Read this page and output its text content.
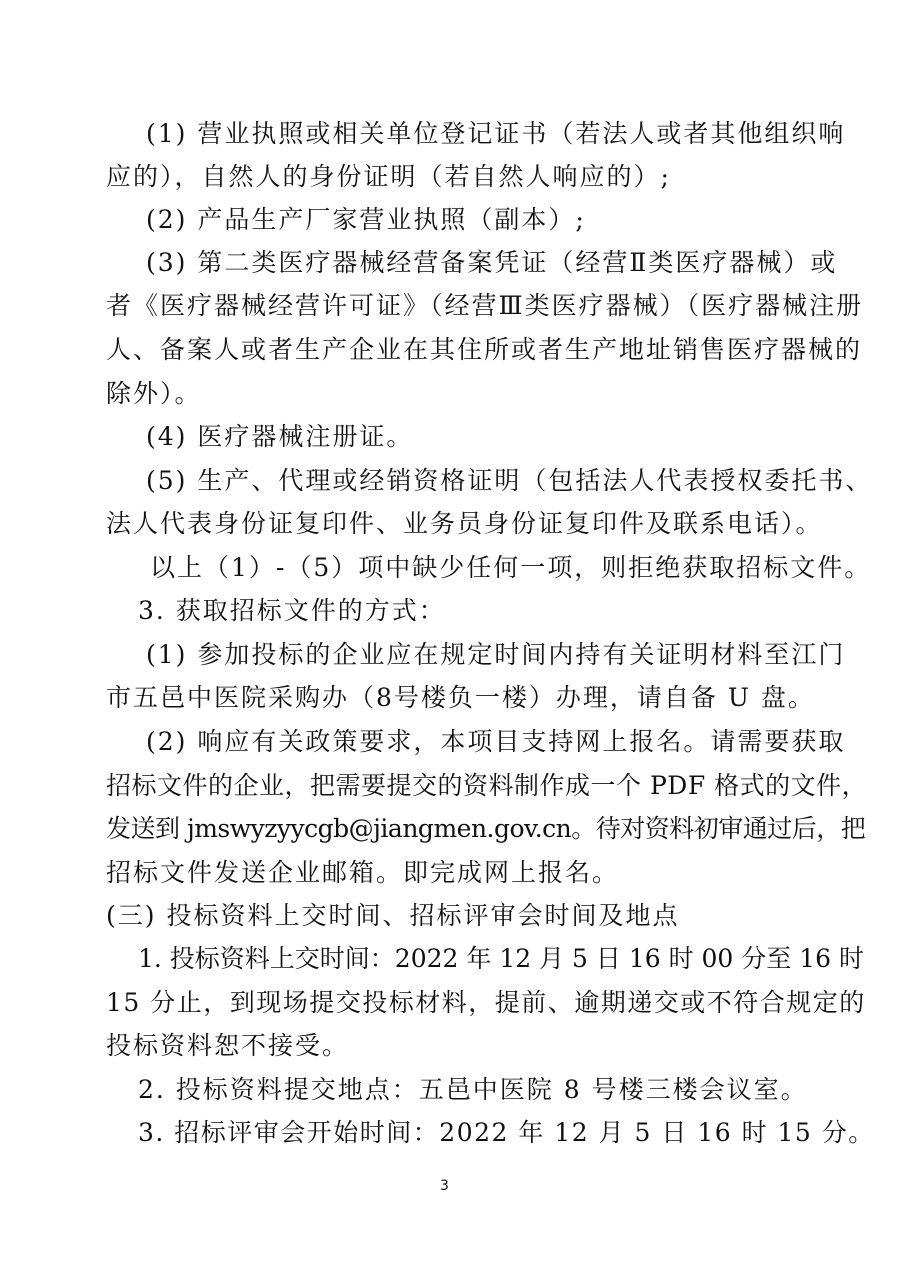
(1) 营业执照或相关单位登记证书（若法人或者其他组织响
应的），自然人的身份证明（若自然人响应的）;
(2) 产品生产厂家营业执照（副本）;
(3) 第二类医疗器械经营备案凭证（经营Ⅱ类医疗器械）或
者《医疗器械经营许可证》（经营Ⅲ类医疗器械）（医疗器械注册
人、备案人或者生产企业在其住所或者生产地址销售医疗器械的
除外）。
(4) 医疗器械注册证。
(5) 生产、代理或经销资格证明（包括法人代表授权委托书、
法人代表身份证复印件、业务员身份证复印件及联系电话）。
以上（1）-（5）项中缺少任何一项，则拒绝获取招标文件。
3. 获取招标文件的方式：
(1) 参加投标的企业应在规定时间内持有关证明材料至江门
市五邑中医院采购办（8号楼负一楼）办理，请自备 U 盘。
(2) 响应有关政策要求，本项目支持网上报名。请需要获取
招标文件的企业，把需要提交的资料制作成一个 PDF 格式的文件，
发送到 jmswyzyycgb@jiangmen.gov.cn。待对资料初审通过后，把
招标文件发送企业邮箱。即完成网上报名。
(三) 投标资料上交时间、招标评审会时间及地点
1. 投标资料上交时间：2022 年 12 月 5 日 16 时 00 分至 16 时
15 分止，到现场提交投标材料，提前、逾期递交或不符合规定的
投标资料恕不接受。
2. 投标资料提交地点：五邑中医院 8 号楼三楼会议室。
3. 招标评审会开始时间：2022 年 12 月 5 日 16 时 15 分。
3
